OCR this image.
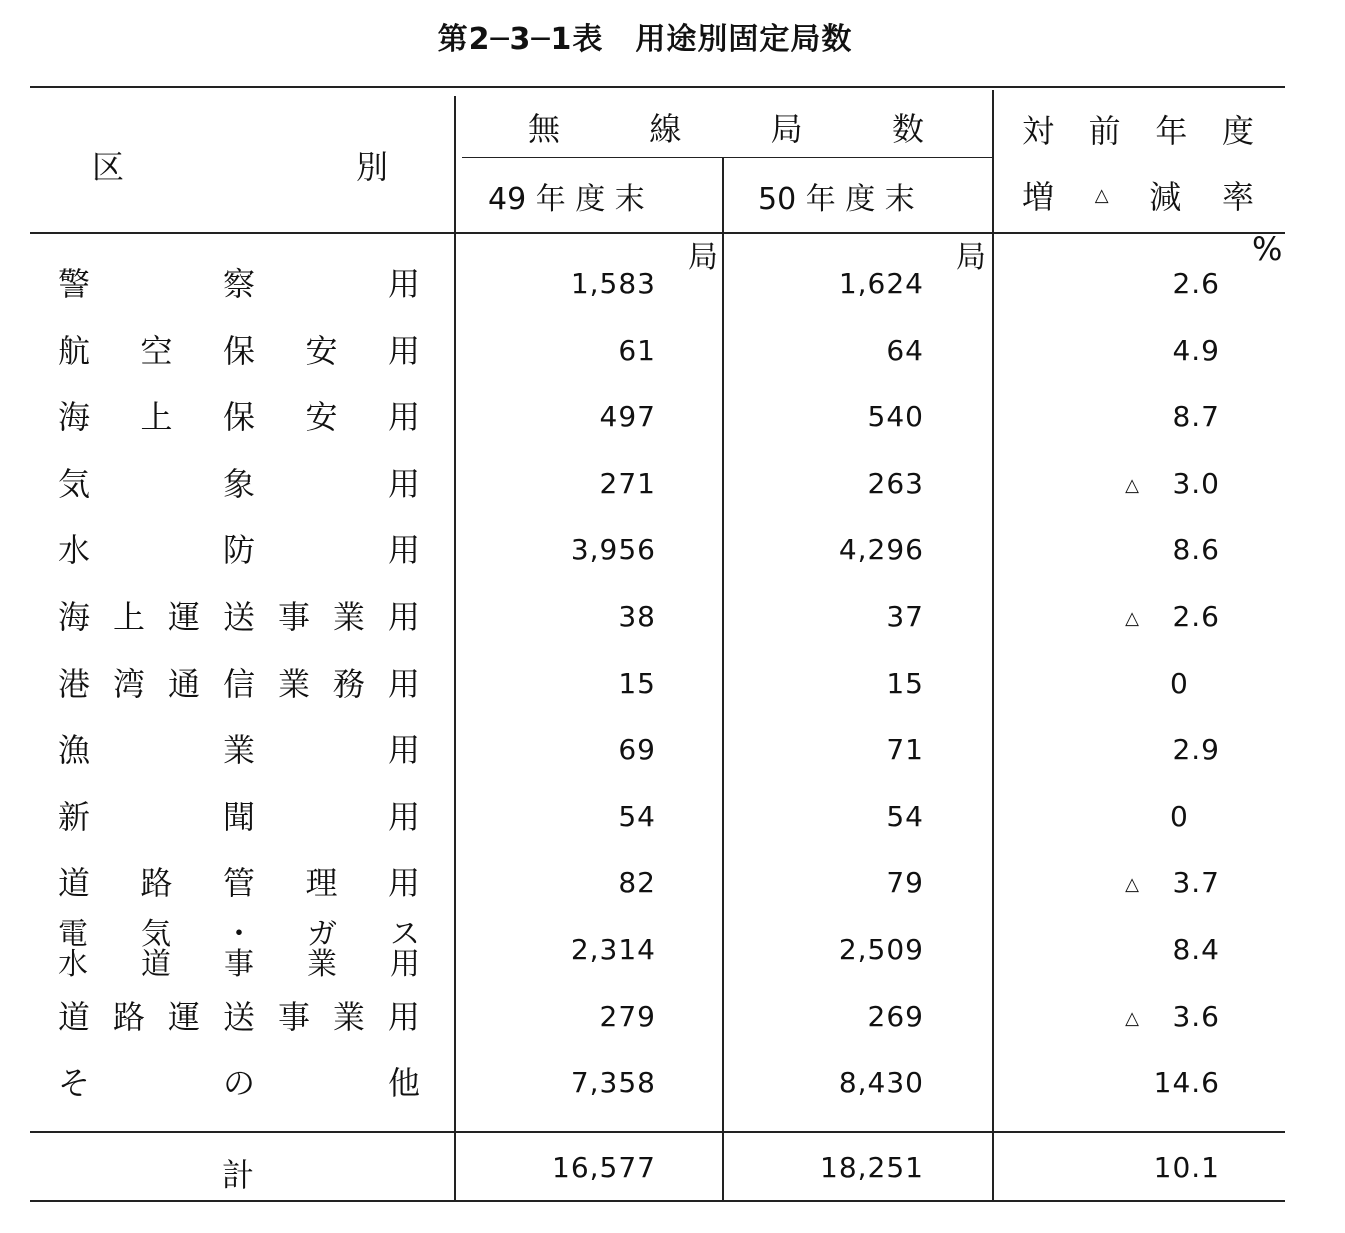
第2─3─1表 用途別固定局数
区	別
無	線	局	数
49 年 度 末	50 年 度 末
対 前 年 度
増 △ 減 率
局	局	%
警	察	用	1,583	1,624	2.6
航 空 保 安 用	61	64	4.9
海 上 保 安 用	497	540	8.7
気	象	用	271	263	△ 3.0
水	防	用	3,956	4,296	8.6
海 上 運 送 事 業 用	38	37	△ 2.6
港 湾 通 信 業 務 用	15	15	0
漁	業	用	69	71	2.9
新	聞	用	54	54	0
道 路 管 理 用	82	79	△ 3.7
電 気 ・ ガ ス
水 道 事 業 用	2,314	2,509	8.4
道 路 運 送 事 業 用	279	269	△ 3.6
そ	の	他	7,358	8,430	14.6
計	16,577	18,251	10.1
